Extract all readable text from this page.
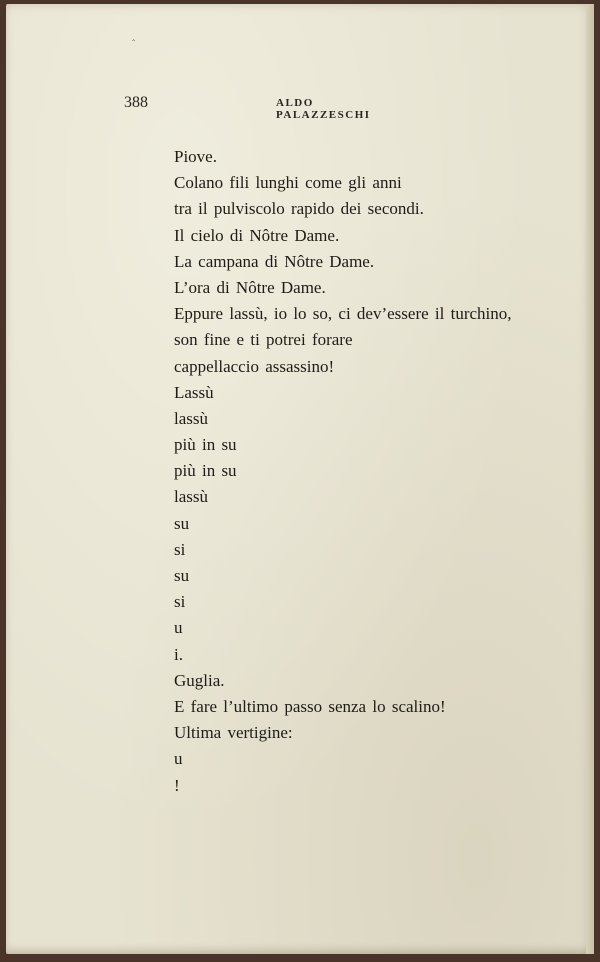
‸
388	ALDO PALAZZESCHI
Piove.
Colano fili lunghi come gli anni
tra il pulviscolo rapido dei secondi.
Il cielo di Nôtre Dame.
La campana di Nôtre Dame.
L’ora di Nôtre Dame.
Eppure lassù, io lo so, ci dev’essere il turchino,
son fine e ti potrei forare
cappellaccio assassino!
Lassù
lassù
più in su
più in su
lassù
su
si
su
si
u
i.
Guglia.
E fare l’ultimo passo senza lo scalino!
Ultima vertigine:
u
!
